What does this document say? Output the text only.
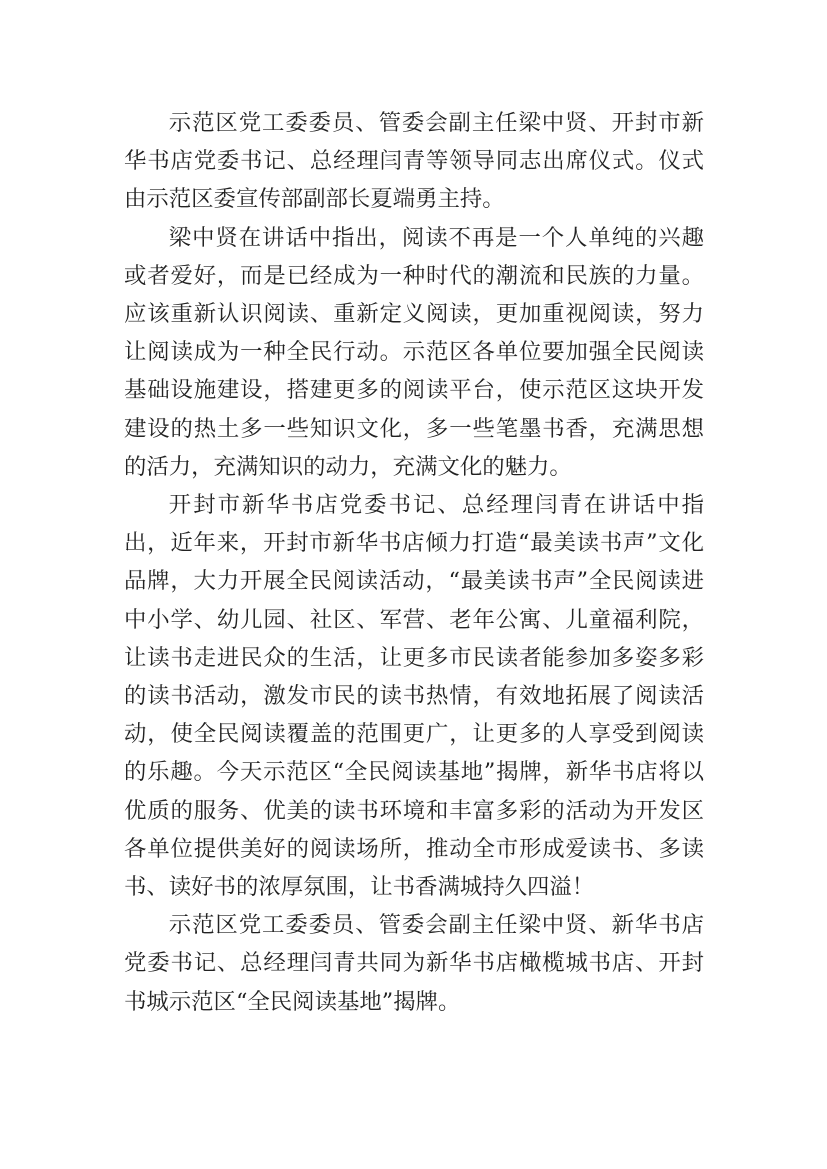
示范区党工委委员、管委会副主任梁中贤、开封市新华书店党委书记、总经理闫青等领导同志出席仪式。仪式由示范区委宣传部副部长夏端勇主持。

梁中贤在讲话中指出，阅读不再是一个人单纯的兴趣或者爱好，而是已经成为一种时代的潮流和民族的力量。应该重新认识阅读、重新定义阅读，更加重视阅读，努力让阅读成为一种全民行动。示范区各单位要加强全民阅读基础设施建设，搭建更多的阅读平台，使示范区这块开发建设的热土多一些知识文化，多一些笔墨书香，充满思想的活力，充满知识的动力，充满文化的魅力。

开封市新华书店党委书记、总经理闫青在讲话中指出，近年来，开封市新华书店倾力打造“最美读书声”文化品牌，大力开展全民阅读活动，“最美读书声”全民阅读进中小学、幼儿园、社区、军营、老年公寓、儿童福利院，让读书走进民众的生活，让更多市民读者能参加多姿多彩的读书活动，激发市民的读书热情，有效地拓展了阅读活动，使全民阅读覆盖的范围更广，让更多的人享受到阅读的乐趣。今天示范区“全民阅读基地”揭牌，新华书店将以优质的服务、优美的读书环境和丰富多彩的活动为开发区各单位提供美好的阅读场所，推动全市形成爱读书、多读书、读好书的浓厚氛围，让书香满城持久四溢！

示范区党工委委员、管委会副主任梁中贤、新华书店党委书记、总经理闫青共同为新华书店橄榄城书店、开封书城示范区“全民阅读基地”揭牌。
